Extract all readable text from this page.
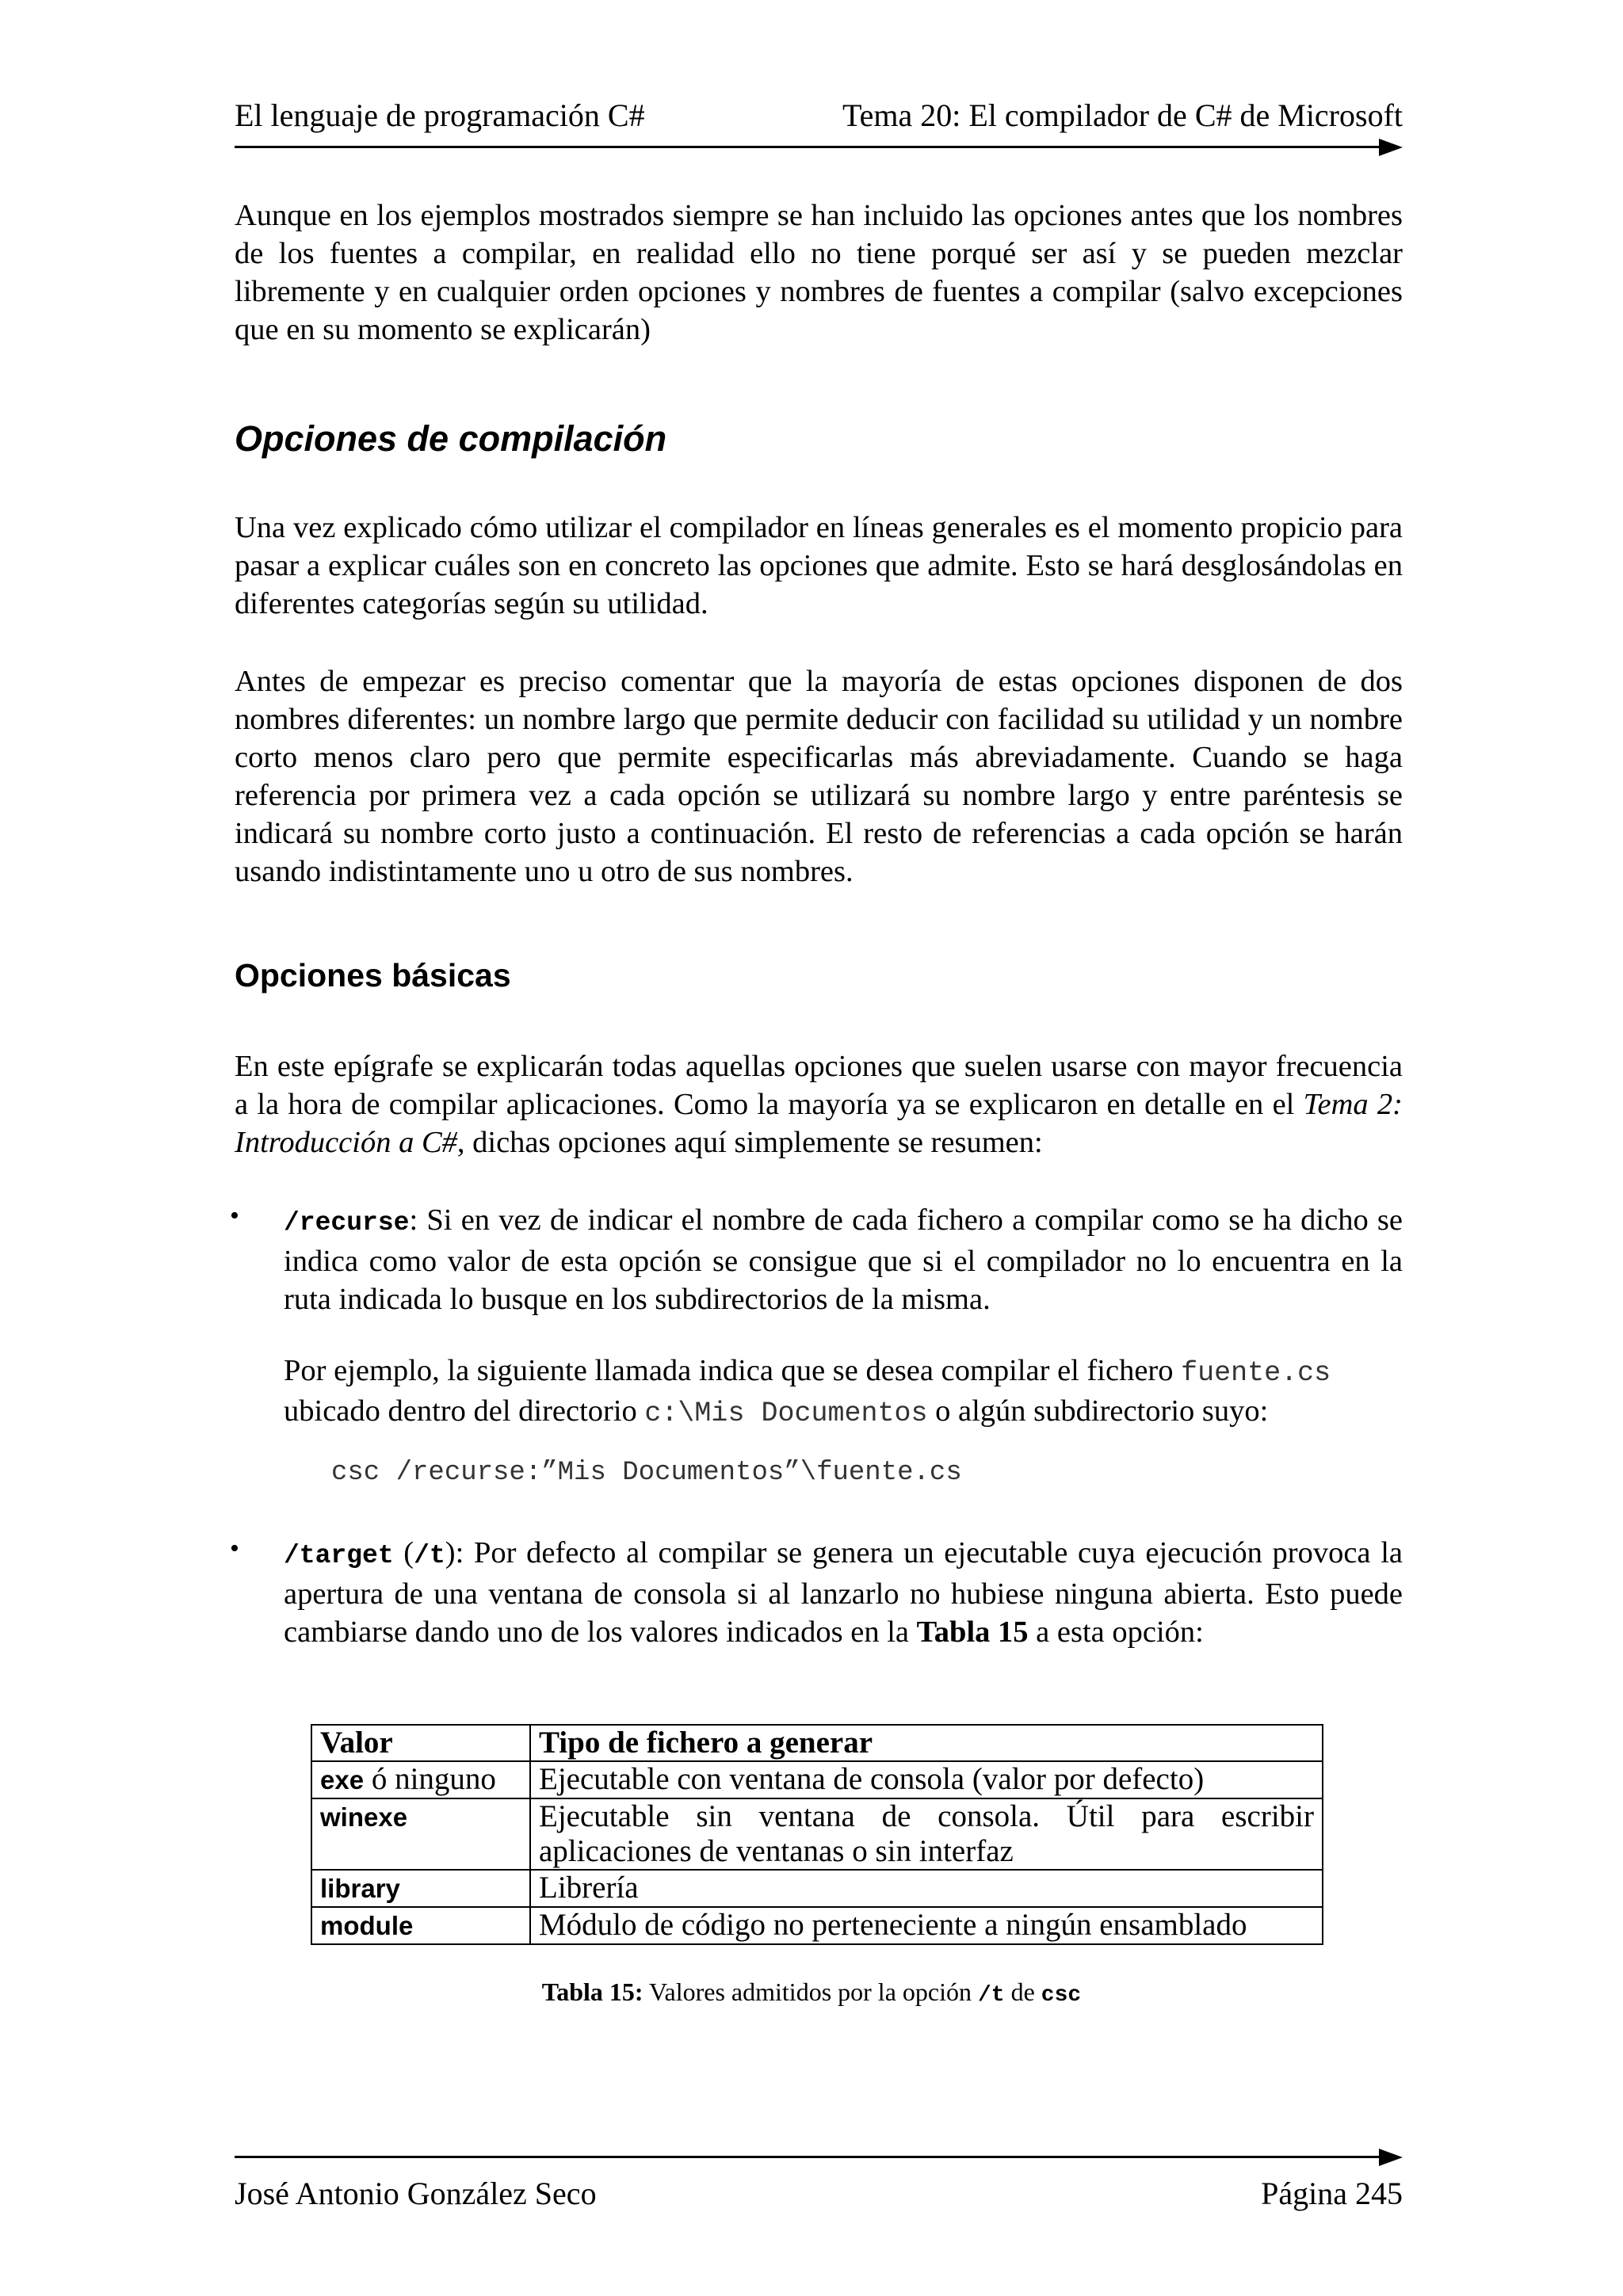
El lenguaje de programación C#	Tema 20: El compilador de C# de Microsoft
Aunque en los ejemplos mostrados siempre se han incluido las opciones antes que los nombres de los fuentes a compilar, en realidad ello no tiene porqué ser así y se pueden mezclar libremente y en cualquier orden opciones y nombres de fuentes a compilar (salvo excepciones que en su momento se explicarán)
Opciones de compilación
Una vez explicado cómo utilizar el compilador en líneas generales es el momento propicio para pasar a explicar cuáles son en concreto las opciones que admite. Esto se hará desglosándolas en diferentes categorías según su utilidad.
Antes de empezar es preciso comentar que la mayoría de estas opciones disponen de dos nombres diferentes: un nombre largo que permite deducir con facilidad su utilidad y un nombre corto menos claro pero que permite especificarlas más abreviadamente. Cuando se haga referencia por primera vez a cada opción se utilizará su nombre largo y entre paréntesis se indicará su nombre corto justo a continuación. El resto de referencias a cada opción se harán usando indistintamente uno u otro de sus nombres.
Opciones básicas
En este epígrafe se explicarán todas aquellas opciones que suelen usarse con mayor frecuencia a la hora de compilar aplicaciones. Como la mayoría ya se explicaron en detalle en el Tema 2: Introducción a C#, dichas opciones aquí simplemente se resumen:
• /recurse: Si en vez de indicar el nombre de cada fichero a compilar como se ha dicho se indica como valor de esta opción se consigue que si el compilador no lo encuentra en la ruta indicada lo busque en los subdirectorios de la misma.
Por ejemplo, la siguiente llamada indica que se desea compilar el fichero fuente.cs
ubicado dentro del directorio c:\Mis Documentos o algún subdirectorio suyo:
csc /recurse:”Mis Documentos”\fuente.cs
• /target (/t): Por defecto al compilar se genera un ejecutable cuya ejecución provoca la apertura de una ventana de consola si al lanzarlo no hubiese ninguna abierta. Esto puede cambiarse dando uno de los valores indicados en la Tabla 15 a esta opción:
Valor	Tipo de fichero a generar
exe ó ninguno	Ejecutable con ventana de consola (valor por defecto)
winexe	Ejecutable sin ventana de consola. Útil para escribir aplicaciones de ventanas o sin interfaz
library	Librería
module	Módulo de código no perteneciente a ningún ensamblado
Tabla 15: Valores admitidos por la opción /t de csc
José Antonio González Seco	Página 245
